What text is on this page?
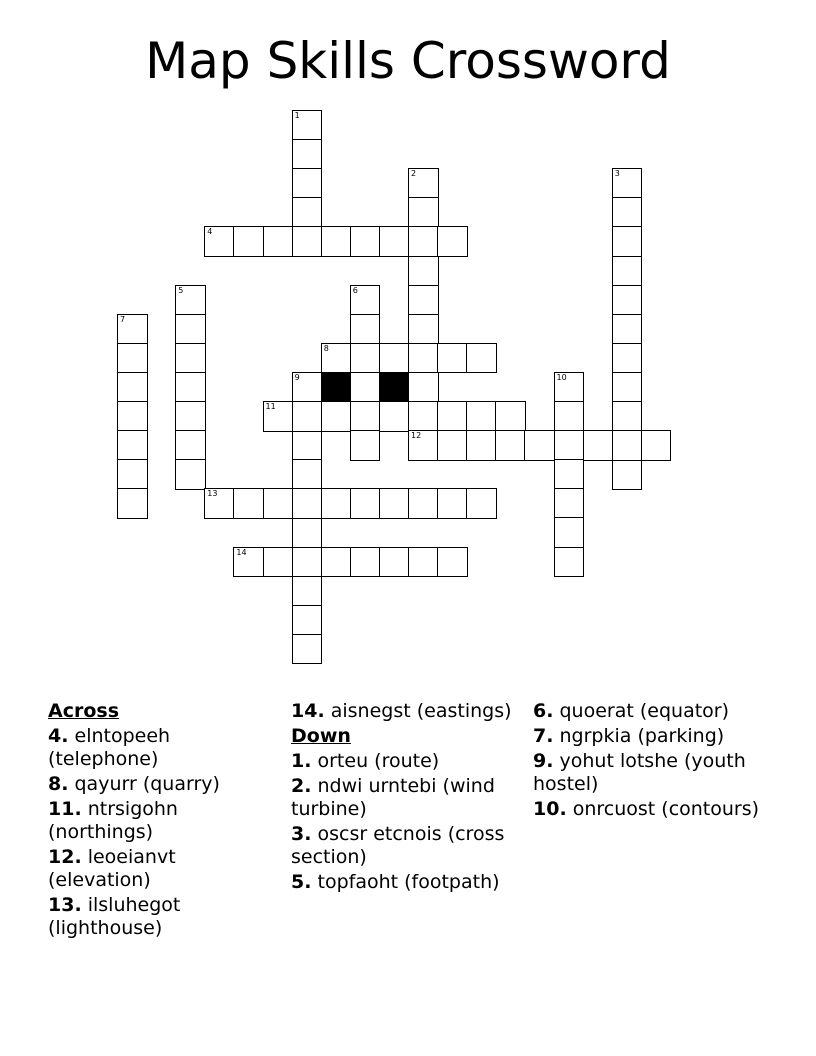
Map Skills Crossword
1
2	3
4
5	6
7
8
9	10
11
12
13
14
Across
4. elntopeeh (telephone)
8. qayurr (quarry)
11. ntrsigohn (northings)
12. leoeianvt (elevation)
13. ilsluhegot (lighthouse)
14. aisnegst (eastings)
Down
1. orteu (route)
2. ndwi urntebi (wind turbine)
3. oscsr etcnois (cross section)
5. topfaoht (footpath)
6. quoerat (equator)
7. ngrpkia (parking)
9. yohut lotshe (youth hostel)
10. onrcuost (contours)
